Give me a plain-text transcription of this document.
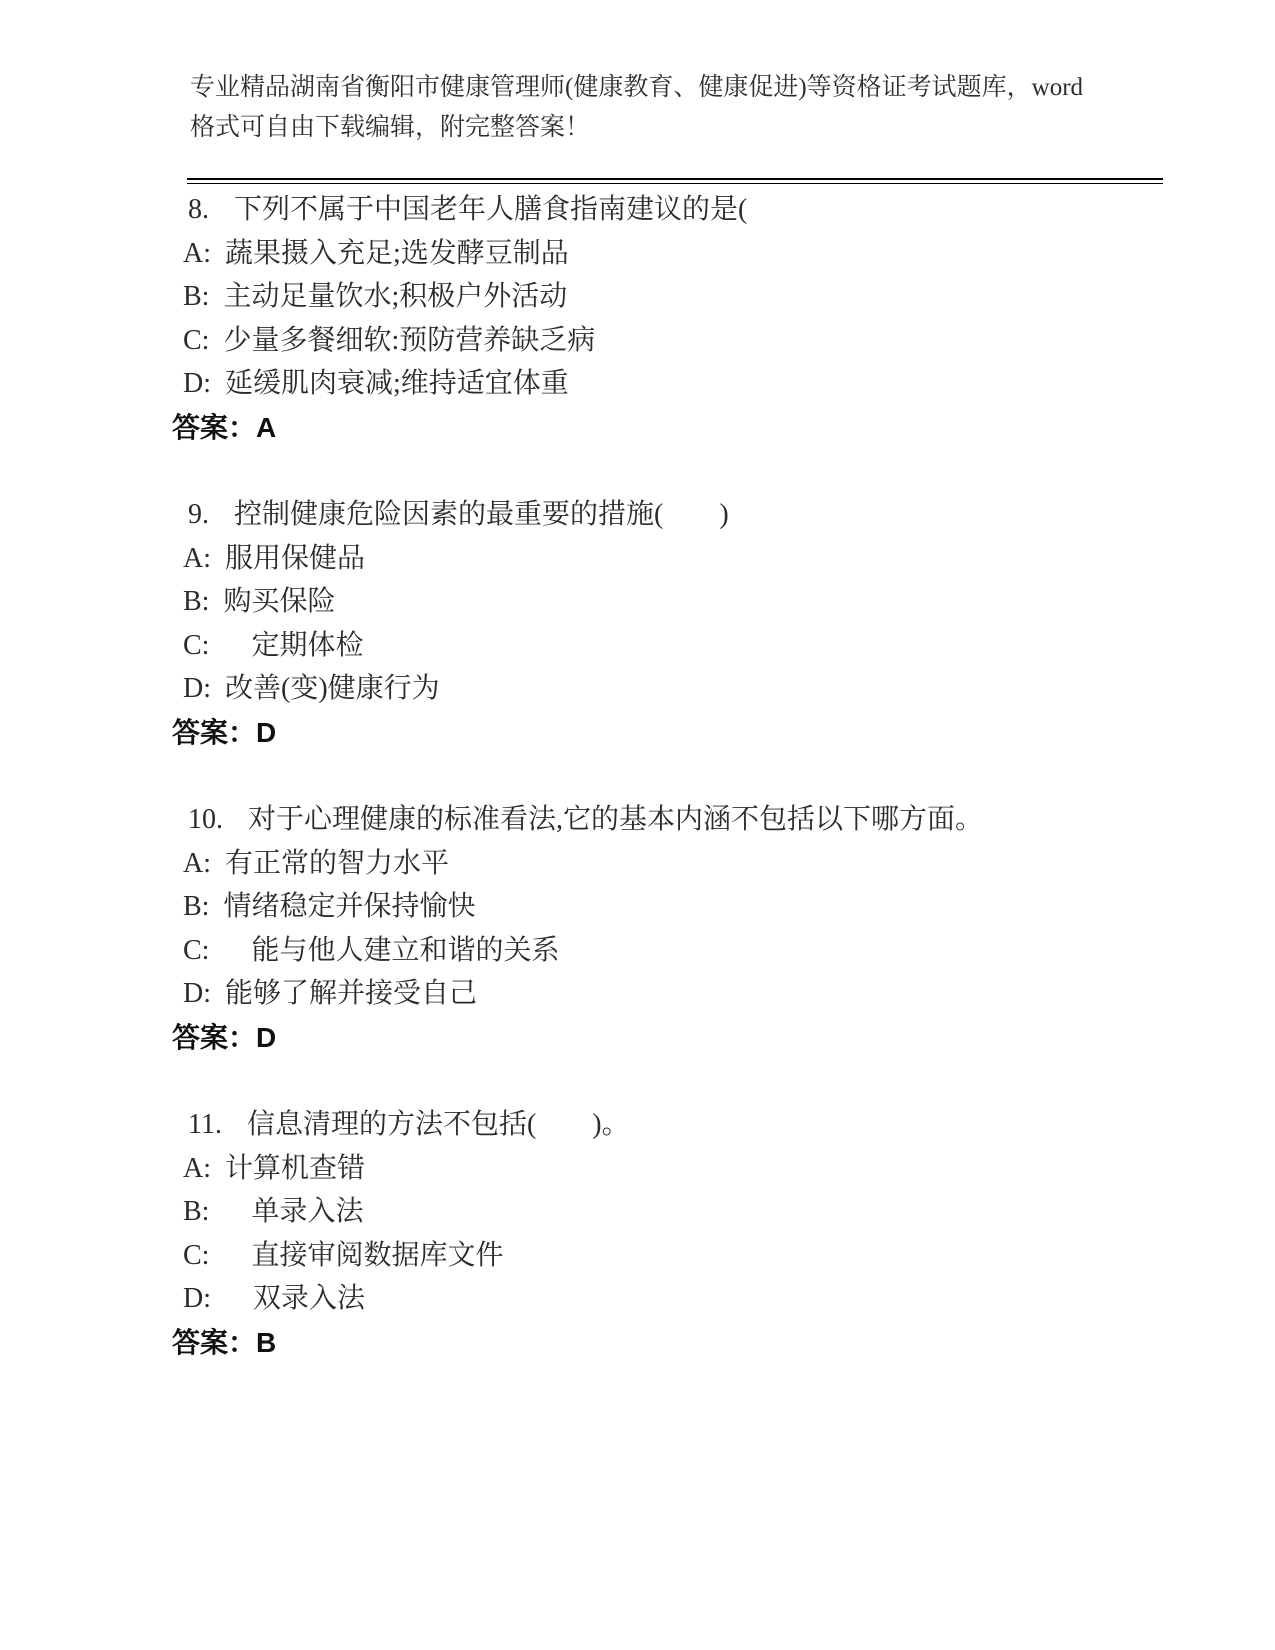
专业精品湖南省衡阳市健康管理师(健康教育、健康促进)等资格证考试题库，word
格式可自由下载编辑，附完整答案！
8. 下列不属于中国老年人膳食指南建议的是(
A: 蔬果摄入充足;选发酵豆制品
B: 主动足量饮水;积极户外活动
C: 少量多餐细软:预防营养缺乏病
D: 延缓肌肉衰减;维持适宜体重
答案：A
9. 控制健康危险因素的最重要的措施(　　)
A: 服用保健品
B: 购买保险
C:　定期体检
D: 改善(变)健康行为
答案：D
10. 对于心理健康的标准看法,它的基本内涵不包括以下哪方面。
A: 有正常的智力水平
B: 情绪稳定并保持愉快
C:　能与他人建立和谐的关系
D: 能够了解并接受自己
答案：D
11. 信息清理的方法不包括(　　)。
A: 计算机查错
B:　单录入法
C:　直接审阅数据库文件
D:　双录入法
答案：B
